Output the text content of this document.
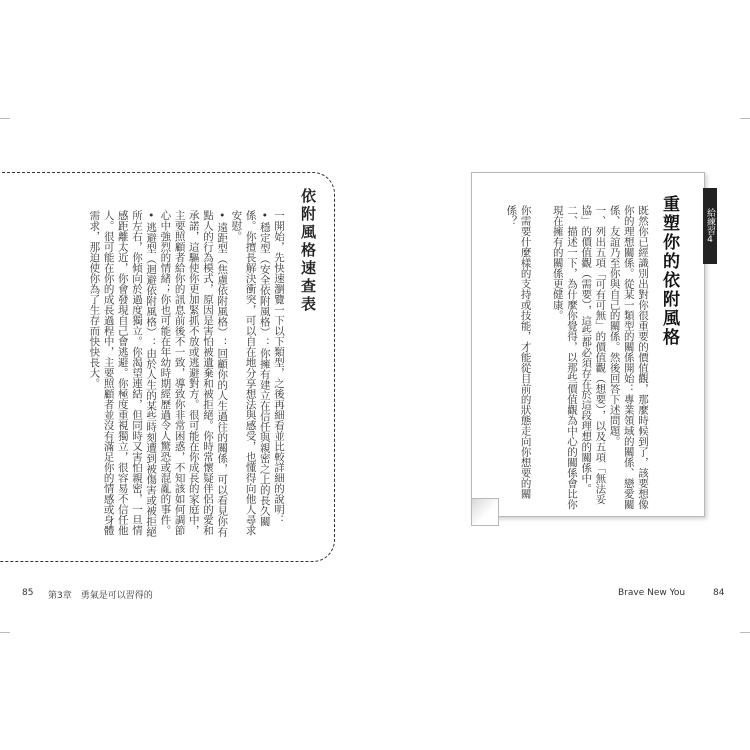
依附風格速查表

一開始，先快速瀏覽一下以下類型，之後再細看並比較詳細的說明：

•穩定型（安全依附風格）：你擁有建立在信任與親密之上的長久關係。你擅長解決衝突，可以自在地分享想法與感受，也懂得向他人尋求安慰。

•遠距型（焦慮依附風格）：回顧你的人生過往的關係，可以看見你有點人的行為模式，原因是害怕被遺棄和被拒絕。你時常懷疑伴侶的愛和承諾，這驅使你更加緊抓不放或逃避對方。很可能在你成長的家庭中，主要照顧者給你的訊息前後不一致，導致你非常困惑，不知該如何調節心中強烈的情緒；你也可能在年幼時期經歷過令人驚恐或混亂的事件。

•逃避型（迴避依附風格）：由於人生的某些時刻遭到被傷害或被拒絕所左右，你傾向於過度獨立。你渴望連結，但同時又害怕親密，一旦情感距離太近，你會發現自己會逃避。你極度重視獨立，很容易不信任他人。很可能在你的成長過程中，主要照顧者並沒有滿足你的情感或身體需求，那迫使你為了生存而快快長大。	給練習4
重塑你的依附風格

既然你已經識別出對你很重要的價值觀，那麼時候到了，該要想像你的理想關係。從某一類型的關係開始：專業領域的關係、戀愛關係、友誼乃至你與自己的關係。然後回答下述問題。

一、列出五項「可有可無」的價值觀（想要），以及五項「無法妥協」的價值觀（需要），這些都必須存在於這段理想的關係中。

二、描述一下，為什麼你覺得，以那些價值觀為中心的關係會比你現在擁有的關係更健康。

你需要什麼樣的支持或技能，才能從目前的狀態走向你想要的關係？

85 第3章　勇氣是可以習得的	Brave New You	84
